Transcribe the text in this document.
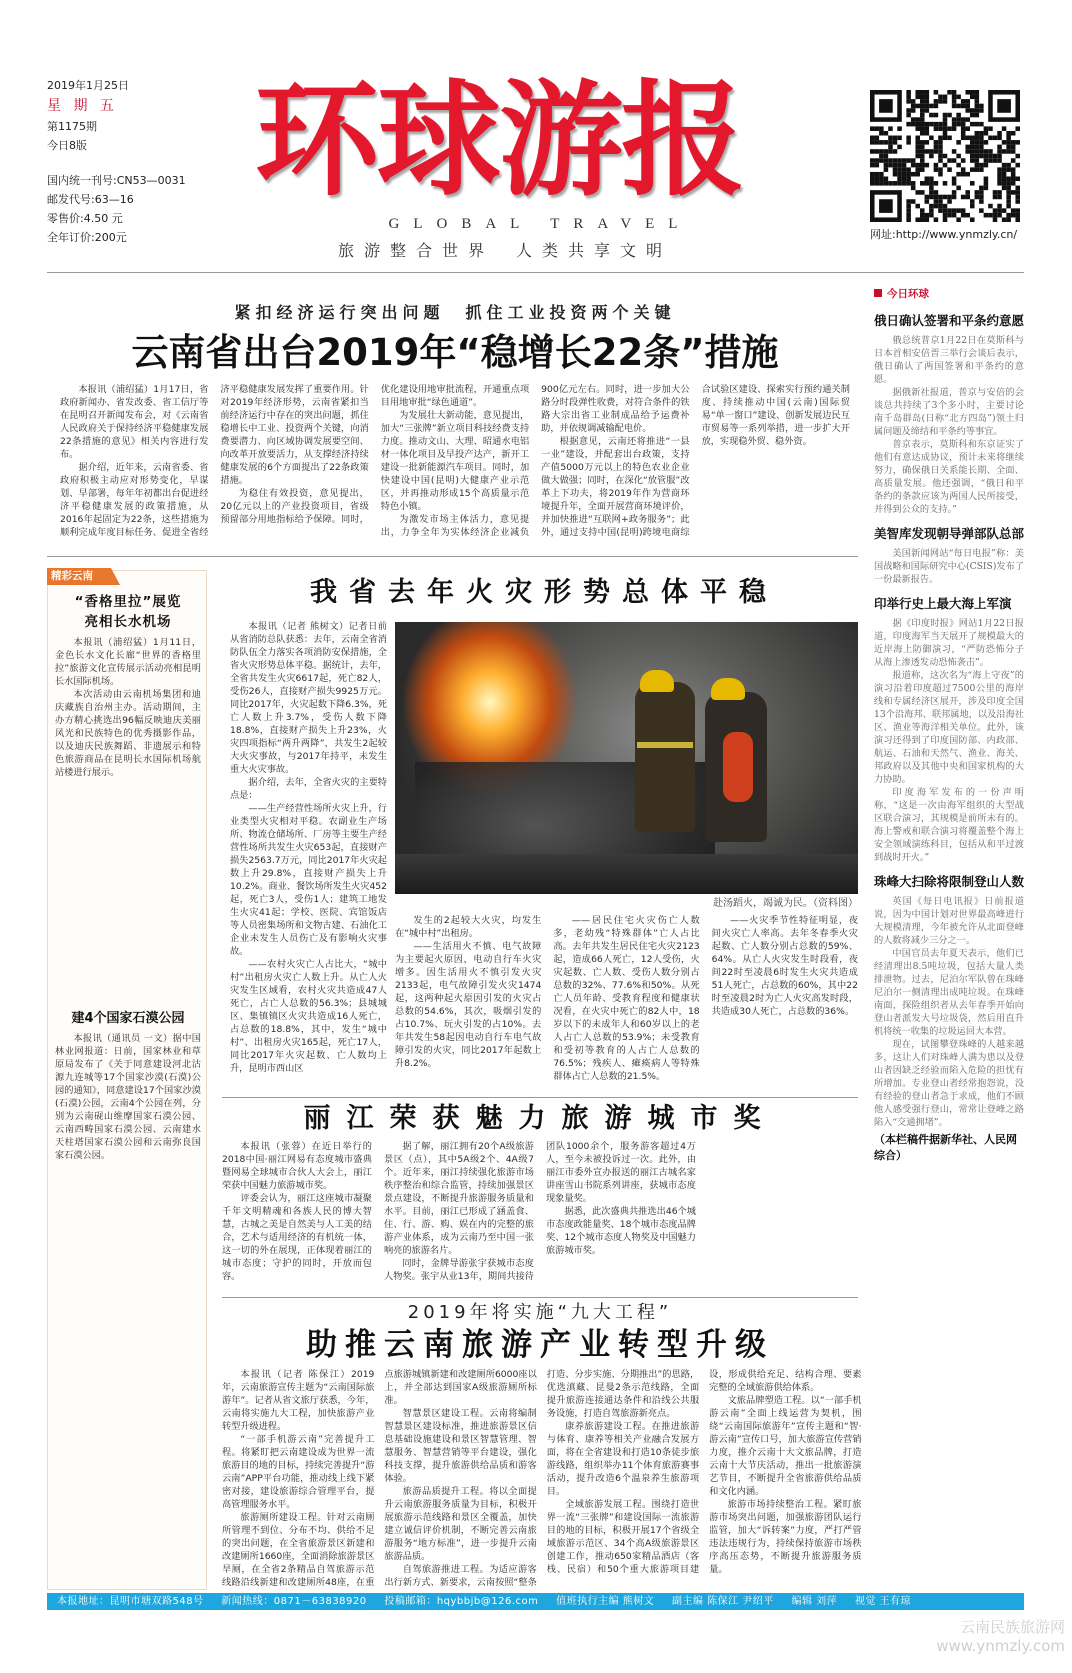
2019年1月25日
星 期 五
第1175期
今日8版
国内统一刊号:CN53—0031
邮发代号:63—16
零售价:4.50 元
全年订价:200元
环球游报
GLOBAL TRAVEL
旅游整合世界 人类共享文明
网址:http://www.ynmzly.cn/
紧扣经济运行突出问题　抓住工业投资两个关键
云南省出台2019年“稳增长22条”措施

本报讯（浦绍猛）1月17日，省政府新闻办、省发改委、省工信厅等在昆明召开新闻发布会，对《云南省人民政府关于保持经济平稳健康发展22条措施的意见》相关内容进行发布。

据介绍，近年来，云南省委、省政府积极主动应对形势变化，早谋划、早部署，每年年初都出台促进经济平稳健康发展的政策措施，从2016年起固定为22条，这些措施为顺利完成年度目标任务、促进全省经济平稳健康发展发挥了重要作用。针对2019年经济形势，云南省紧扣当前经济运行中存在的突出问题，抓住稳增长中工业、投资两个关键，向消费要潜力、向区域协调发展要空间、向改革开放要活力，从支撑经济持续健康发展的6个方面提出了22条政策措施。

为稳住有效投资，意见提出，20亿元以上的产业投资项目，省级预留部分用地指标给予保障。同时，优化建设用地审批流程，开通重点项目用地审批“绿色通道”。

为发展壮大新动能，意见提出，加大“三张牌”新立项目科技经费支持力度。推动文山、大理、昭通水电铝材一体化项目及早投产达产，新开工建设一批新能源汽车项目。同时，加快建设中国(昆明)大健康产业示范区，并再推动形成15个高质量示范特色小镇。

为激发市场主体活力，意见提出，力争全年为实体经济企业减负900亿元左右。同时，进一步加大公路分时段弹性收费，对符合条件的铁路大宗出省工业制成品给予运费补助，并依规调减输配电价。

根据意见，云南还将推进“一县一业”建设，并配套出台政策，支持产值5000万元以上的特色农业企业做大做强；同时，在深化“放管服”改革上下功夫，将2019年作为营商环境提升年，全面开展营商环境评价，并加快推进“互联网+政务服务”；此外，通过支持中国(昆明)跨境电商综合试验区建设、探索实行预约通关制度、持续推动中国(云南)国际贸易“单一窗口”建设、创新发展边民互市贸易等一系列举措，进一步扩大开放，实现稳外贸、稳外资。

精彩云南
“香格里拉”展览
亮相长水机场

本报讯（浦绍猛）1月11日，金色长水文化长廊“世界的香格里拉”旅游文化宣传展示活动亮相昆明长水国际机场。

本次活动由云南机场集团和迪庆藏族自治州主办。活动期间，主办方精心挑选出96幅反映迪庆美丽风光和民族特色的优秀摄影作品，以及迪庆民族舞蹈、非遗展示和特色旅游商品在昆明长水国际机场航站楼进行展示。

建4个国家石漠公园

本报讯（通讯员 一文）据中国林业网报道：日前，国家林业和草原局发布了《关于同意建设河北沽源九连城等17个国家沙漠(石漠)公园的通知》，同意建设17个国家沙漠(石漠)公园，云南4个公园在列，分别为云南砚山维摩国家石漠公园、云南西畴国家石漠公园、云南建水天柱塔国家石漠公园和云南弥良国家石漠公园。

我省去年火灾形势总体平稳

本报讯（记者 熊树文）记者日前从省消防总队获悉：去年，云南全省消防队伍全力落实各项消防安保措施，全省火灾形势总体平稳。据统计，去年，全省共发生火灾6617起，死亡82人，受伤26人，直接财产损失9925万元。同比2017年，火灾起数下降6.3%，死亡人数上升3.7%，受伤人数下降18.8%，直接财产损失上升23%，火灾四项指标“两升两降”，共发生2起较大火灾事故，与2017年持平，未发生重大火灾事故。

据介绍，去年，全省火灾的主要特点是：

——生产经营性场所火灾上升，行业类型火灾相对平稳。农副业生产场所、物流仓储场所、厂房等主要生产经营性场所共发生火灾653起，直接财产损失2563.7万元，同比2017年火灾起数上升29.8%，直接财产损失上升10.2%。商业、餐饮场所发生火灾452起，死亡3人，受伤1人；建筑工地发生火灾41起；学校、医院、宾馆饭店等人员密集场所和文物古建、石油化工企业未发生人员伤亡及有影响火灾事故。

——农村火灾亡人占比大，“城中村”出租房火灾亡人数上升。从亡人火灾发生区域看，农村火灾共造成47人死亡，占亡人总数的56.3%；县城城区、集镇镇区火灾共造成16人死亡，占总数的18.8%，其中，发生“城中村”、出租房火灾165起，死亡17人，同比2017年火灾起数、亡人数均上升，昆明市西山区

赴汤蹈火，竭诚为民。（资料图）

发生的2起较大火灾，均发生在“城中村”出租房。

——生活用火不慎、电气故障为主要起火原因，电动自行车火灾增多。因生活用火不慎引发火灾2133起，电气故障引发火灾1474起，这两种起火原因引发的火灾占总数的54.6%，其次，吸烟引发的占10.7%、玩火引发的占10%。去年共发生58起因电动自行车电气故障引发的火灾，同比2017年起数上升8.2%。

——居民住宅火灾伤亡人数多，老幼残“特殊群体”亡人占比高。去年共发生居民住宅火灾2123起，造成66人死亡，12人受伤，火灾起数、亡人数、受伤人数分别占总数的32%、77.6%和50%。从死亡人员年龄、受教育程度和健康状况看，在火灾中死亡的82人中，18岁以下的未成年人和60岁以上的老人占亡人总数的53.9%；未受教育和受初等教育的人占亡人总数的76.5%；残疾人、瘫痪病人等特殊群体占亡人总数的21.5%。

——火灾季节性特征明显，夜间火灾亡人率高。去年冬春季火灾起数、亡人数分别占总数的59%、64%。从亡人火灾发生时段看，夜间22时至凌晨6时发生火灾共造成51人死亡，占总数的60%，其中22时至凌晨2时为亡人火灾高发时段，共造成30人死亡，占总数的36%。

丽江荣获魅力旅游城市奖

本报讯（张蓉）在近日举行的2018中国·丽江网易有态度城市盛典暨网易全球城市合伙人大会上，丽江荣获中国魅力旅游城市奖。

评委会认为，丽江这座城市凝聚千年文明精魂和各族人民的博大智慧，古城之美是自然美与人工美的结合，艺术与适用经济的有机统一体，这一切的外在展现，正体现着丽江的城市态度；守护的同时，开放而包容。

据了解，丽江拥有20个A级旅游景区（点），其中5A级2个、4A级7个。近年来，丽江持续强化旅游市场秩序整治和综合监管，持续加强景区景点建设，不断提升旅游服务质量和水平。目前，丽江已形成了涵盖食、住、行、游、购、娱在内的完整的旅游产业体系，成为云南乃至中国一张响亮的旅游名片。

同时，金牌导游张宇获城市态度人物奖。张宇从业13年，期间共接待团队1000余个，服务游客超过4万人，至今未被投诉过一次。此外，由丽江市委外宣办报送的丽江古城名家讲座雪山书院系列讲座，获城市态度现象量奖。

据悉，此次盛典共推选出46个城市态度政能量奖、18个城市态度品牌奖、12个城市态度人物奖及中国魅力旅游城市奖。

今日环球
俄日确认签署和平条约意愿

俄总统普京1月22日在莫斯科与日本首相安倍晋三举行会谈后表示，俄日确认了两国签署和平条约的意愿。

据俄新社报道，普京与安倍的会谈总共持续了3个多小时，主要讨论南千岛群岛(日称“北方四岛”)领土归属问题及缔结和平条约等事宜。

普京表示，莫斯科和东京证实了他们有意达成协议，预计未来将继续努力，确保俄日关系能长期、全面、高质量发展。他还强调，“俄日和平条约的条款应该为两国人民所接受，并得到公众的支持。”

美智库发现朝导弹部队总部

美国新闻网站“每日电报”称：美国战略和国际研究中心(CSIS)发布了一份最新报告。

印举行史上最大海上军演

据《印度时报》网站1月22日报道，印度海军当天展开了规模最大的近岸海上防御演习，“严防恐怖分子从海上渗透发动恐怖袭击”。

报道称，这次名为“海上守夜”的演习沿着印度超过7500公里的海岸线和专属经济区展开，涉及印度全国13个沿海邦、联邦属地，以及沿海社区、渔业等海洋相关单位。此外，该演习还得到了印度国防部、内政部、航运、石油和天然气、渔业、海关、邦政府以及其他中央和国家机构的大力协助。

印度海军发布的一份声明称，“这是一次由海军组织的大型战区联合演习，其规模是前所未有的。海上警戒和联合演习将覆盖整个海上安全领域演练科目，包括从和平过渡到战时开火。”

珠峰大扫除将限制登山人数

英国《每日电讯报》日前报道说，因为中国计划对世界最高峰进行大规模清理，今年被允许从北面登峰的人数将减少三分之一。

中国官员去年夏天表示，他们已经清理出8.5吨垃圾，包括大量人类排泄物。过去，尼泊尔军队曾在珠峰尼泊尔一侧清理出成吨垃圾。在珠峰南面，探险组织者从去年春季开始向登山者派发大号垃圾袋，然后用直升机将统一收集的垃圾运回大本营。

现在，试图攀登珠峰的人越来越多，这让人们对珠峰人满为患以及登山者因缺乏经验而陷入危险的担忧有所增加。专业登山者经常抱怨说，没有经验的登山者急于求成，他们不顾他人感受强行登山，常常让登峰之路陷入“交通拥堵”。

（本栏稿件据新华社、人民网综合）
2019年将实施“九大工程”
助推云南旅游产业转型升级

本报讯（记者 陈保江）2019年，云南旅游宣传主题为“云南国际旅游年”。记者从省文旅厅获悉，今年，云南将实施九大工程，加快旅游产业转型升级进程。

“一部手机游云南”完善提升工程。将紧盯把云南建设成为世界一流旅游目的地的目标，持续完善提升“游云南”APP平台功能，推动线上线下紧密对接，建设旅游综合管理平台，提高管理服务水平。

旅游厕所建设工程。针对云南厕所管理不到位、分布不均、供给不足的突出问题，在全省旅游景区新建和改建厕所1660座，全面消除旅游景区旱厕，在全省2条精品自驾旅游示范线路沿线新建和改建厕所48座，在重点旅游城镇新建和改建厕所6000座以上，并全部达到国家A级旅游厕所标准。

智慧景区建设工程。云南将编制智慧景区建设标准，推进旅游景区信息基础设施建设和景区智慧管理、智慧服务、智慧营销等平台建设，强化科技支撑，提升旅游供给品质和游客体验。

旅游品质提升工程。将以全面提升云南旅游服务质量为目标，积极开展旅游示范线路和景区全覆盖，加快建立诚信评价机制，不断完善云南旅游服务“地方标准”，进一步提升云南旅游品质。

自驾旅游推进工程。为适应游客出行新方式、新要求，云南按照“整条打造、分步实施、分期推出”的思路，优选滇藏、昆曼2条示范线路，全面提升旅游连接通达条件和沿线公共服务设施，打造自驾旅游新亮点。

康养旅游建设工程。在推进旅游与体育、康养等相关产业融合发展方面，将在全省建设和打造10条徒步旅游线路，组织举办11个体育旅游赛事活动，提升改造6个温泉养生旅游项目。

全域旅游发展工程。围绕打造世界一流“三张牌”和建设国际一流旅游目的地的目标，积极开展17个省级全域旅游示范区、34个高A级旅游景区创建工作，推动650家精品酒店（客栈、民宿）和50个重大旅游项目建设，形成供给充足、结构合理、要素完整的全域旅游供给体系。

文旅品牌塑造工程。以“一部手机游云南”全面上线运营为契机，围绕“云南国际旅游年”宣传主题和“智·游云南”宣传口号，加大旅游宣传营销力度，推介云南十大文旅品牌，打造云南十大节庆活动，推出一批旅游演艺节目，不断提升全省旅游供给品质和文化内涵。

旅游市场持续整治工程。紧盯旅游市场突出问题，加强旅游团队运行监管，加大“诉转案”力度，严打严管违法违规行为，持续保持旅游市场秩序高压态势，不断提升旅游服务质量。

本报地址：昆明市塘双路548号 新闻热线：0871－63838920 投稿邮箱：hqybbjb@126.com 值班执行主编 熊树文 副主编 陈保江 尹绍平 编辑 刘萍 视觉 王有琼
云南民族旅游网
www.ynmzly.com
